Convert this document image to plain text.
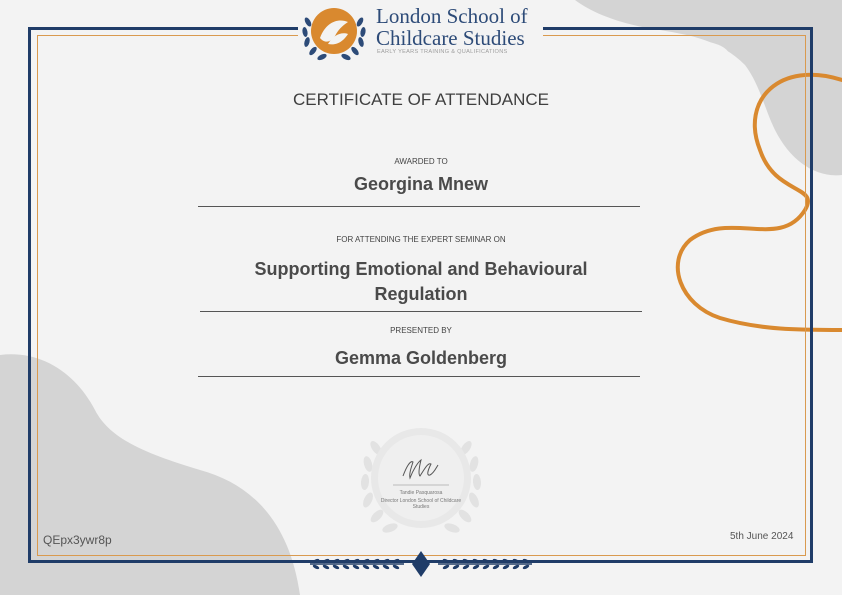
London School of
Childcare Studies
EARLY YEARS TRAINING & QUALIFICATIONS
CERTIFICATE OF ATTENDANCE
AWARDED TO
Georgina Mnew
FOR ATTENDING THE EXPERT SEMINAR ON
Supporting Emotional and Behavioural Regulation
PRESENTED BY
Gemma Goldenberg
Tandie Pasquarosa
Director London School of Childcare Studies
QEpx3ywr8p	5th June 2024
